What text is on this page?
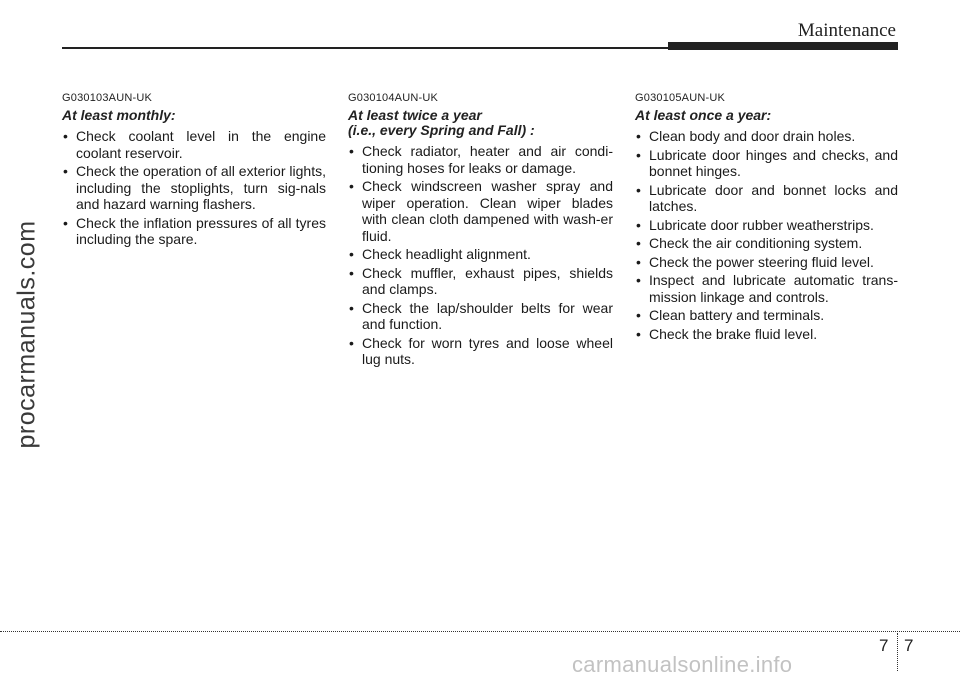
Maintenance
procarmanuals.com
G030103AUN-UK
At least monthly:
• Check coolant level in the engine coolant reservoir.
• Check the operation of all exterior lights, including the stoplights, turn sig-nals and hazard warning flashers.
• Check the inflation pressures of all tyres including the spare.
G030104AUN-UK
At least twice a year
(i.e., every Spring and Fall) :
• Check radiator, heater and air condi-tioning hoses for leaks or damage.
• Check windscreen washer spray and wiper operation. Clean wiper blades with clean cloth dampened with wash-er fluid.
• Check headlight alignment.
• Check muffler, exhaust pipes, shields and clamps.
• Check the lap/shoulder belts for wear and function.
• Check for worn tyres and loose wheel lug nuts.
G030105AUN-UK
At least once a year:
• Clean body and door drain holes.
• Lubricate door hinges and checks, and bonnet hinges.
• Lubricate door and bonnet locks and latches.
• Lubricate door rubber weatherstrips.
• Check the air conditioning system.
• Check the power steering fluid level.
• Inspect and lubricate automatic trans-mission linkage and controls.
• Clean battery and terminals.
• Check the brake fluid level.
7 7
carmanualsonline.info
